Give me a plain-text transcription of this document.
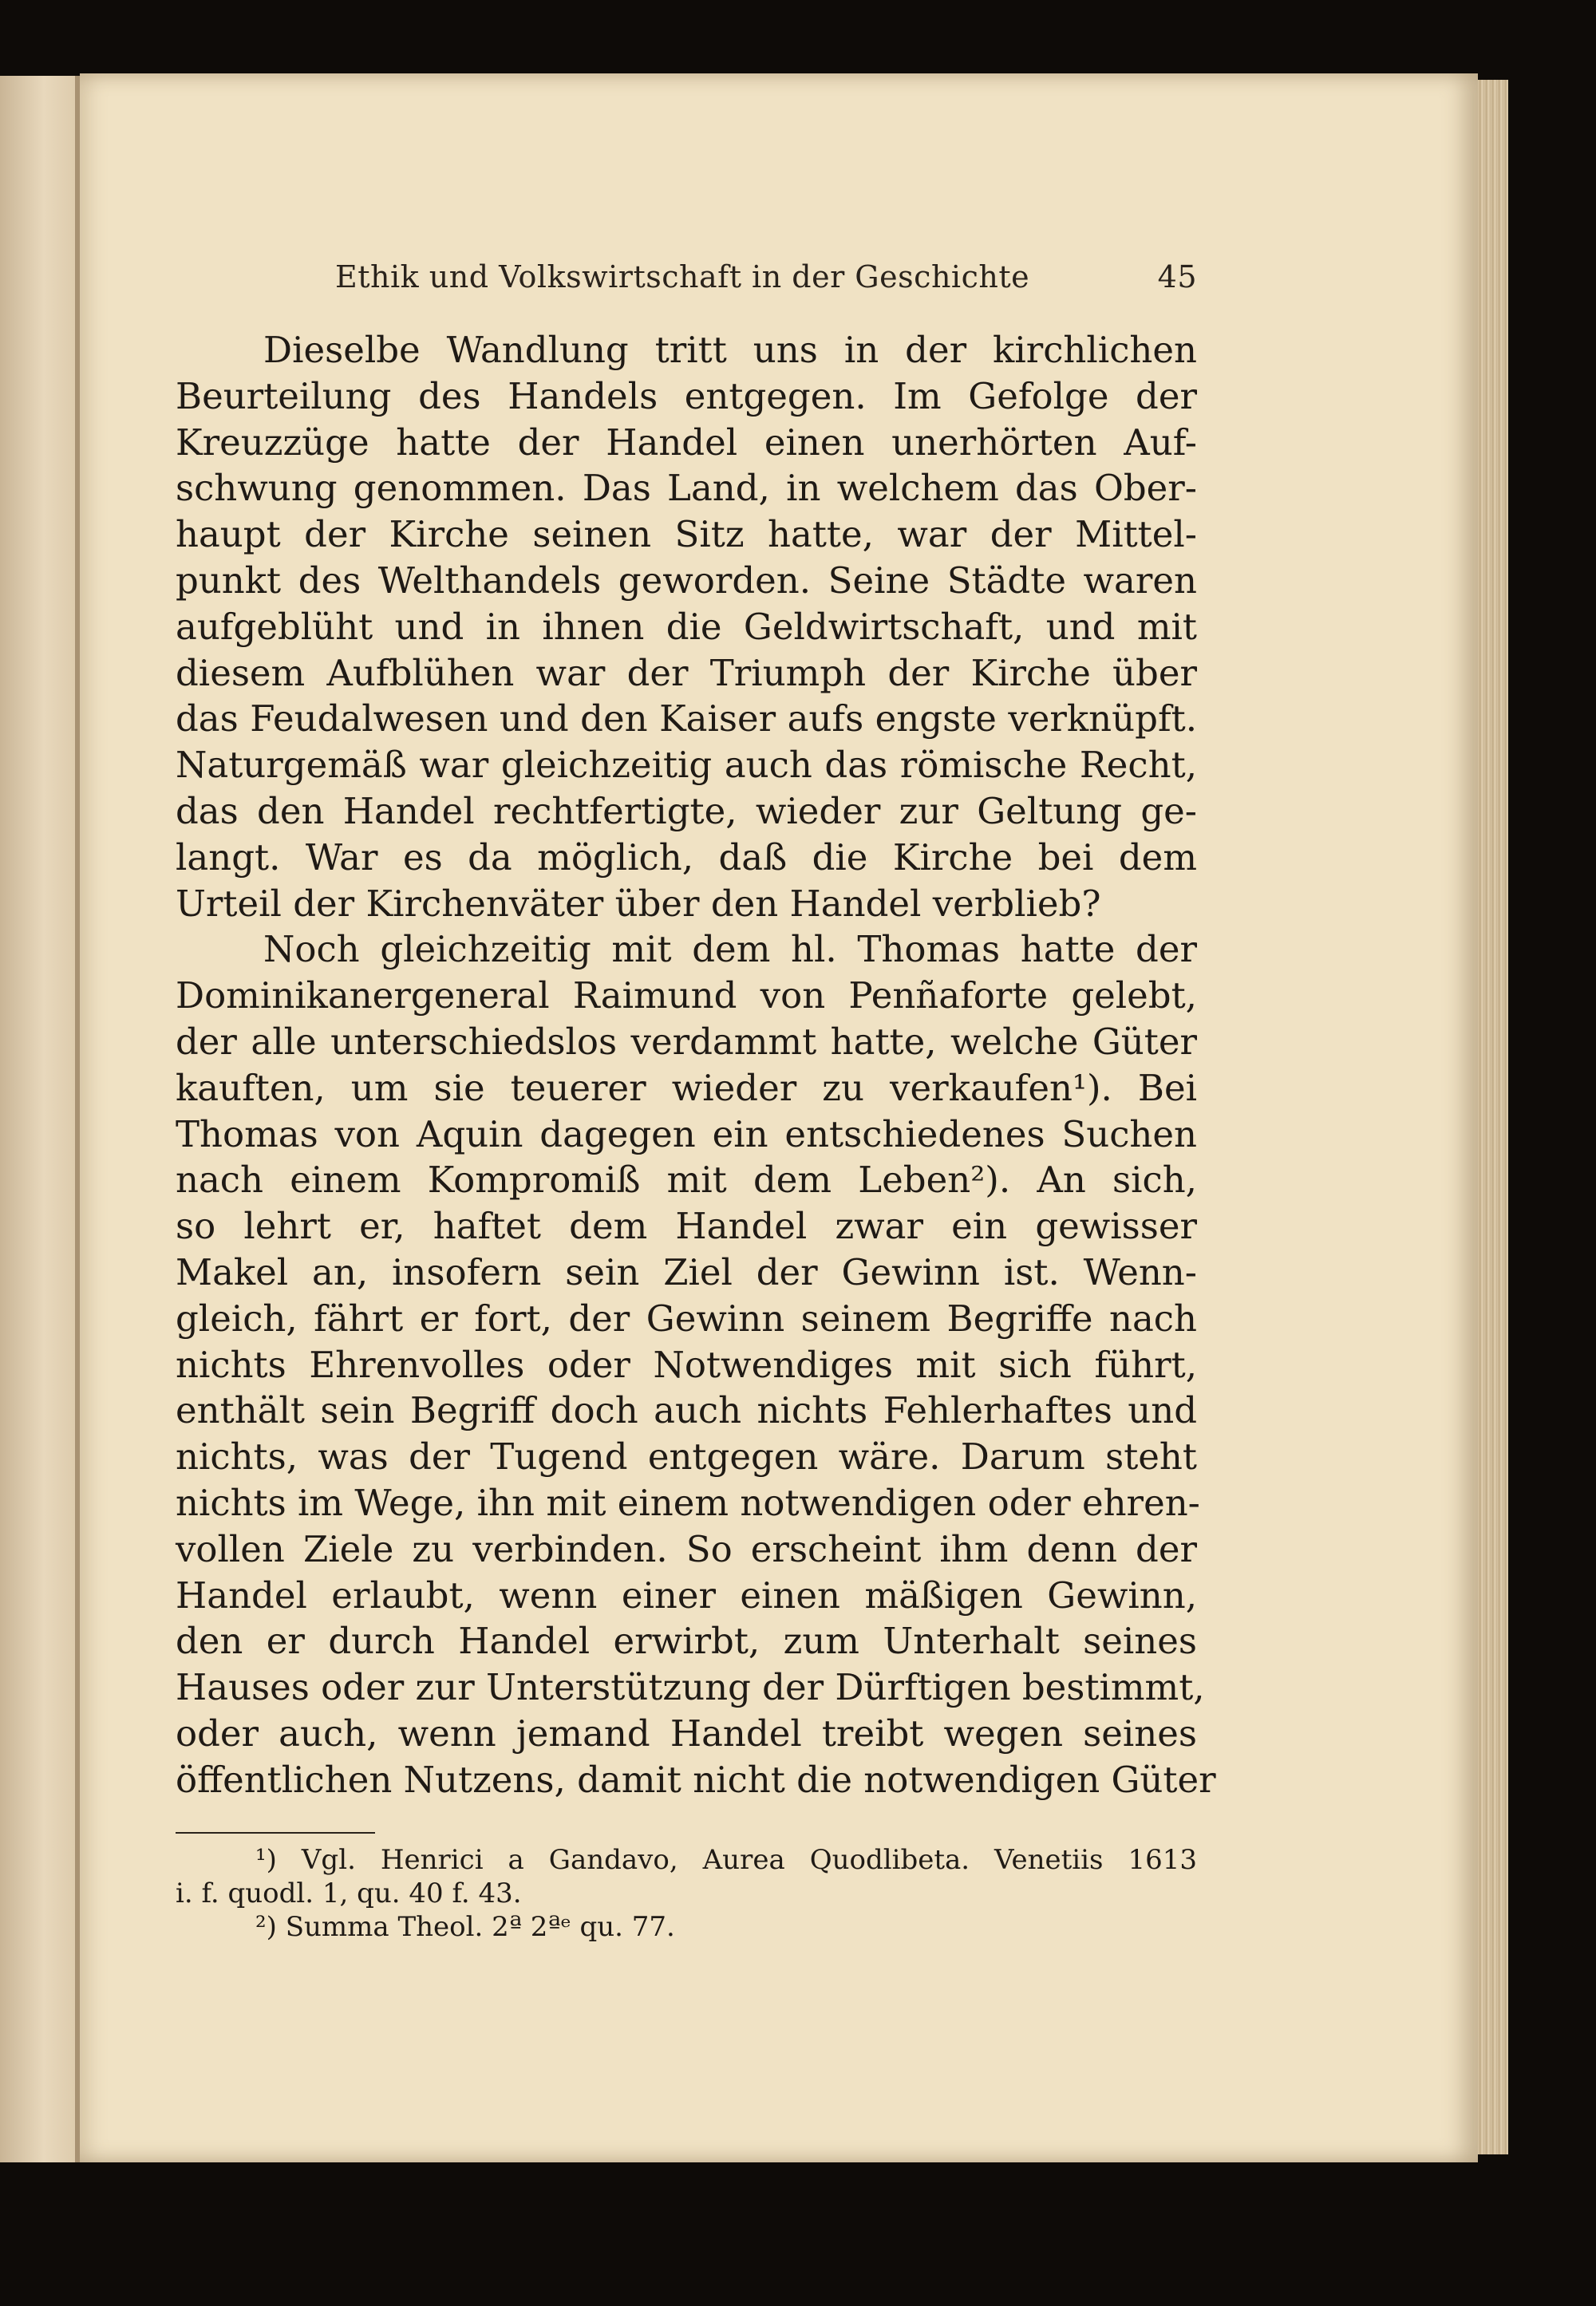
Ethik und Volkswirtschaft in der Geschichte	45
Dieselbe Wandlung tritt uns in der kirchlichen
Beurteilung des Handels entgegen. Im Gefolge der
Kreuzzüge hatte der Handel einen unerhörten Auf-
schwung genommen. Das Land, in welchem das Ober-
haupt der Kirche seinen Sitz hatte, war der Mittel-
punkt des Welthandels geworden. Seine Städte waren
aufgeblüht und in ihnen die Geldwirtschaft, und mit
diesem Aufblühen war der Triumph der Kirche über
das Feudalwesen und den Kaiser aufs engste verknüpft.
Naturgemäß war gleichzeitig auch das römische Recht,
das den Handel rechtfertigte, wieder zur Geltung ge-
langt. War es da möglich, daß die Kirche bei dem
Urteil der Kirchenväter über den Handel verblieb?
Noch gleichzeitig mit dem hl. Thomas hatte der
Dominikanergeneral Raimund von Penñaforte gelebt,
der alle unterschiedslos verdammt hatte, welche Güter
kauften, um sie teuerer wieder zu verkaufen¹). Bei
Thomas von Aquin dagegen ein entschiedenes Suchen
nach einem Kompromiß mit dem Leben²). An sich,
so lehrt er, haftet dem Handel zwar ein gewisser
Makel an, insofern sein Ziel der Gewinn ist. Wenn-
gleich, fährt er fort, der Gewinn seinem Begriffe nach
nichts Ehrenvolles oder Notwendiges mit sich führt,
enthält sein Begriff doch auch nichts Fehlerhaftes und
nichts, was der Tugend entgegen wäre. Darum steht
nichts im Wege, ihn mit einem notwendigen oder ehren-
vollen Ziele zu verbinden. So erscheint ihm denn der
Handel erlaubt, wenn einer einen mäßigen Gewinn,
den er durch Handel erwirbt, zum Unterhalt seines
Hauses oder zur Unterstützung der Dürftigen bestimmt,
oder auch, wenn jemand Handel treibt wegen seines
öffentlichen Nutzens, damit nicht die notwendigen Güter
¹) Vgl. Henrici a Gandavo, Aurea Quodlibeta. Venetiis 1613
i. f. quodl. 1, qu. 40 f. 43.
²) Summa Theol. 2ª 2ªᵉ qu. 77.
